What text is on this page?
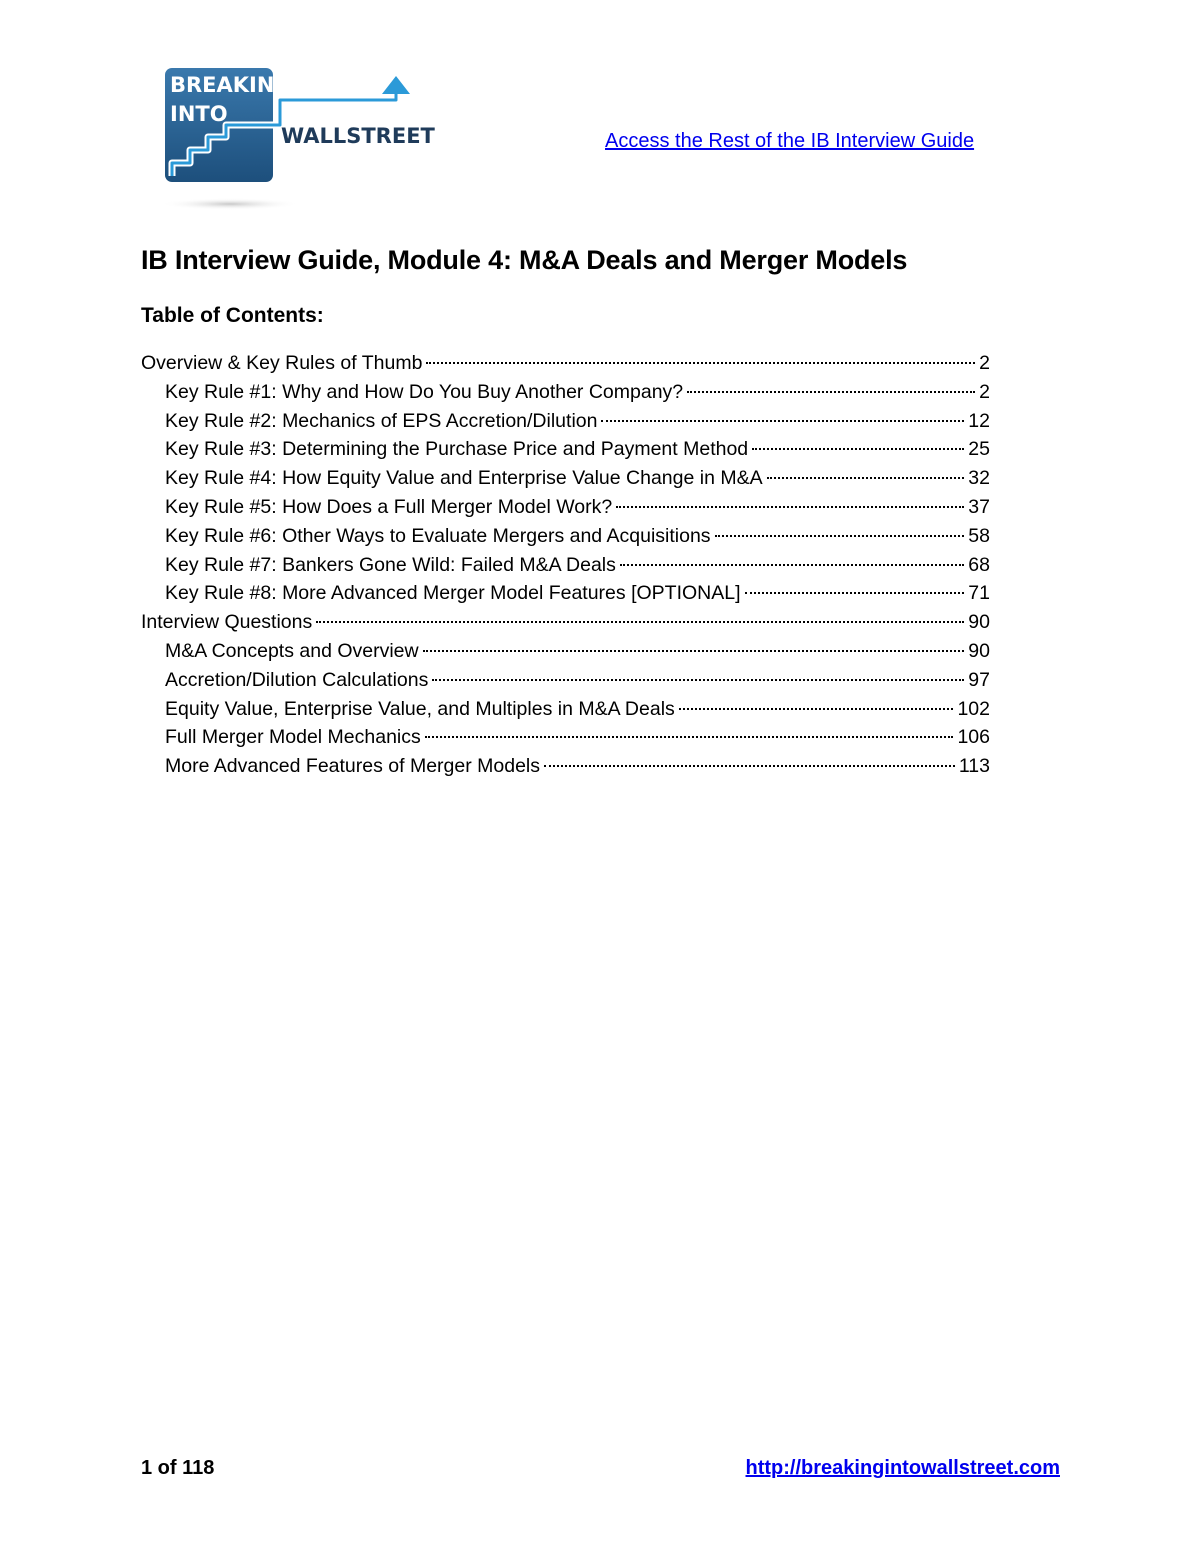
BREAKING
INTO
WALLSTREET	Access the Rest of the IB Interview Guide
IB Interview Guide, Module 4: M&A Deals and Merger Models
Table of Contents:
Overview & Key Rules of Thumb	2
Key Rule #1: Why and How Do You Buy Another Company?	2
Key Rule #2: Mechanics of EPS Accretion/Dilution	12
Key Rule #3: Determining the Purchase Price and Payment Method	25
Key Rule #4: How Equity Value and Enterprise Value Change in M&A	32
Key Rule #5: How Does a Full Merger Model Work?	37
Key Rule #6: Other Ways to Evaluate Mergers and Acquisitions	58
Key Rule #7: Bankers Gone Wild: Failed M&A Deals	68
Key Rule #8: More Advanced Merger Model Features [OPTIONAL]	71
Interview Questions	90
M&A Concepts and Overview	90
Accretion/Dilution Calculations	97
Equity Value, Enterprise Value, and Multiples in M&A Deals	102
Full Merger Model Mechanics	106
More Advanced Features of Merger Models	113
1 of 118	http://breakingintowallstreet.com
